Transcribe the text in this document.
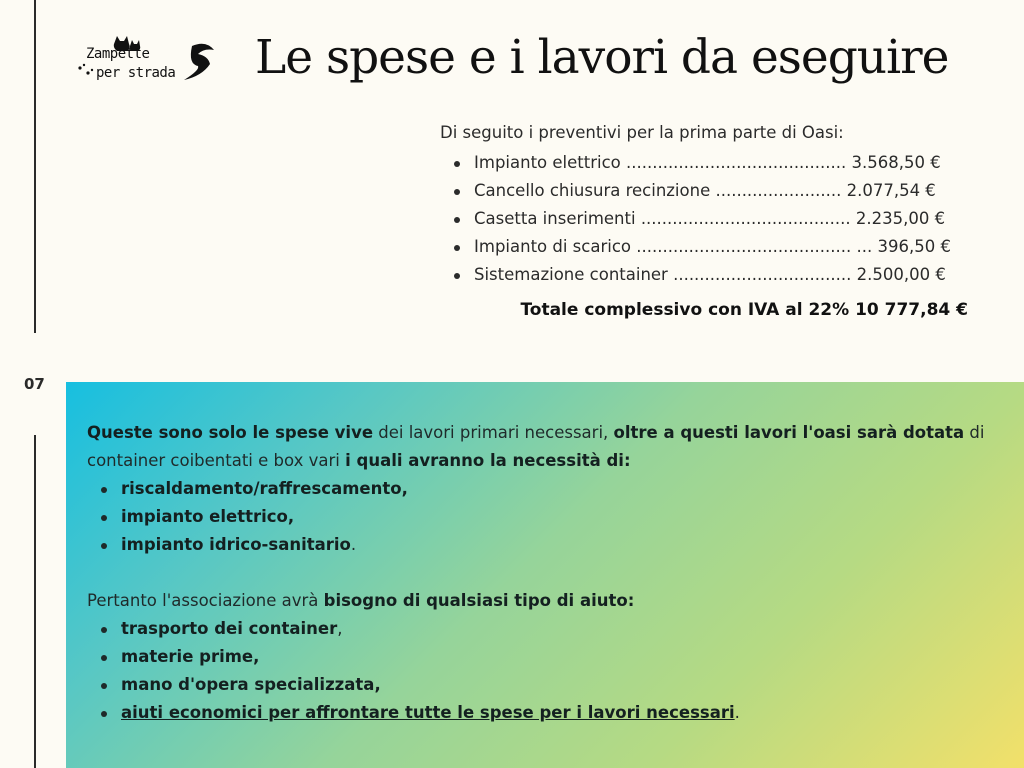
Zampette
per strada Le spese e i lavori da eseguire

Di seguito i preventivi per la prima parte di Oasi:

Impianto elettrico .......................................... 3.568,50 €
Cancello chiusura recinzione ........................ 2.077,54 €
Casetta inserimenti ........................................ 2.235,00 €
Impianto di scarico ......................................... ... 396,50 €
Sistemazione container .................................. 2.500,00 €
Totale complessivo con IVA al 22% 10 777,84 €
07

Queste sono solo le spese vive dei lavori primari necessari, oltre a questi lavori l'oasi sarà dotata di container coibentati e box vari i quali avranno la necessità di:

riscaldamento/raffrescamento,
impianto elettrico,
impianto idrico-sanitario.

Pertanto l'associazione avrà bisogno di qualsiasi tipo di aiuto:

trasporto dei container,
materie prime,
mano d'opera specializzata,
aiuti economici per affrontare tutte le spese per i lavori necessari.
